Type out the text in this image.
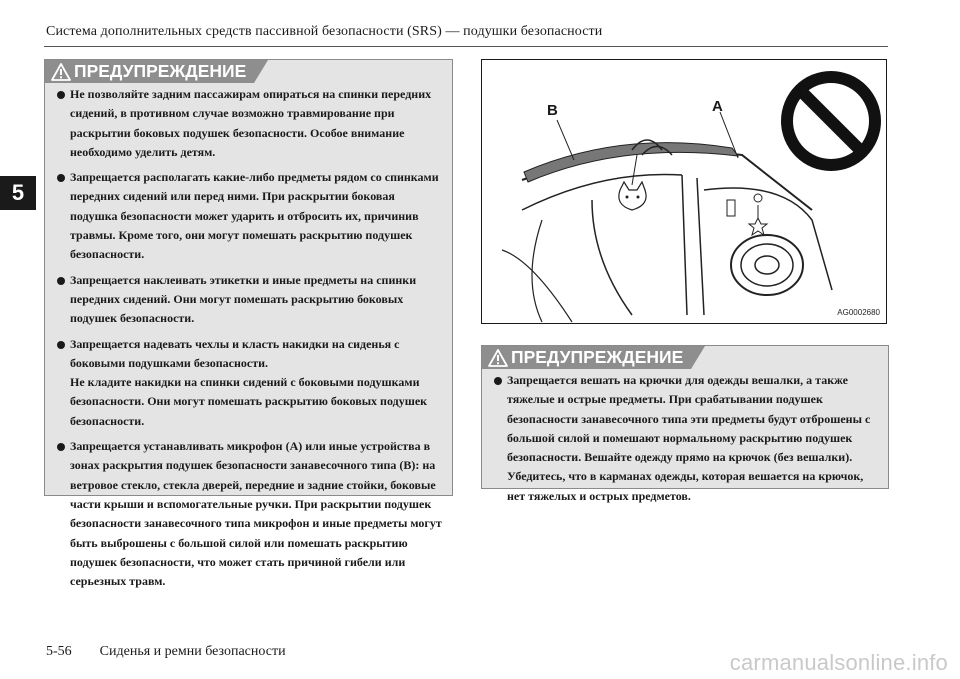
Система дополнительных средств пассивной безопасности (SRS) — подушки безопасности
5
ПРЕДУПРЕЖДЕНИЕ

Не позволяйте задним пассажирам опираться на спинки передних сидений, в противном случае возможно травмирование при раскрытии боковых подушек безопасности. Особое внимание необходимо уделить детям.

Запрещается располагать какие-либо предметы рядом со спинками передних сидений или перед ними. При раскрытии боковая подушка безопасности может ударить и отбросить их, причинив травмы. Кроме того, они могут помешать раскрытию подушек безопасности.

Запрещается наклеивать этикетки и иные предметы на спинки передних сидений. Они могут помешать раскрытию боковых подушек безопасности.

Запрещается надевать чехлы и класть накидки на сиденья с боковыми подушками безопасности.

Не кладите накидки на спинки сидений с боковыми подушками безопасности. Они могут помешать раскрытию боковых подушек безопасности.

Запрещается устанавливать микрофон (A) или иные устройства в зонах раскрытия подушек безопасности занавесочного типа (B): на ветровое стекло, стекла дверей, передние и задние стойки, боковые части крыши и вспомогательные ручки. При раскрытии подушек безопасности занавесочного типа микрофон и иные предметы могут быть выброшены с большой силой или помешать раскрытию подушек безопасности, что может стать причиной гибели или серьезных травм.

B	A
AG0002680
ПРЕДУПРЕЖДЕНИЕ

Запрещается вешать на крючки для одежды вешалки, а также тяжелые и острые предметы. При срабатывании подушек безопасности занавесочного типа эти предметы будут отброшены с большой силой и помешают нормальному раскрытию подушек безопасности. Вешайте одежду прямо на крючок (без вешалки). Убедитесь, что в карманах одежды, которая вешается на крючок, нет тяжелых и острых предметов.

5-56 Сиденья и ремни безопасности	carmanualsonline.info
